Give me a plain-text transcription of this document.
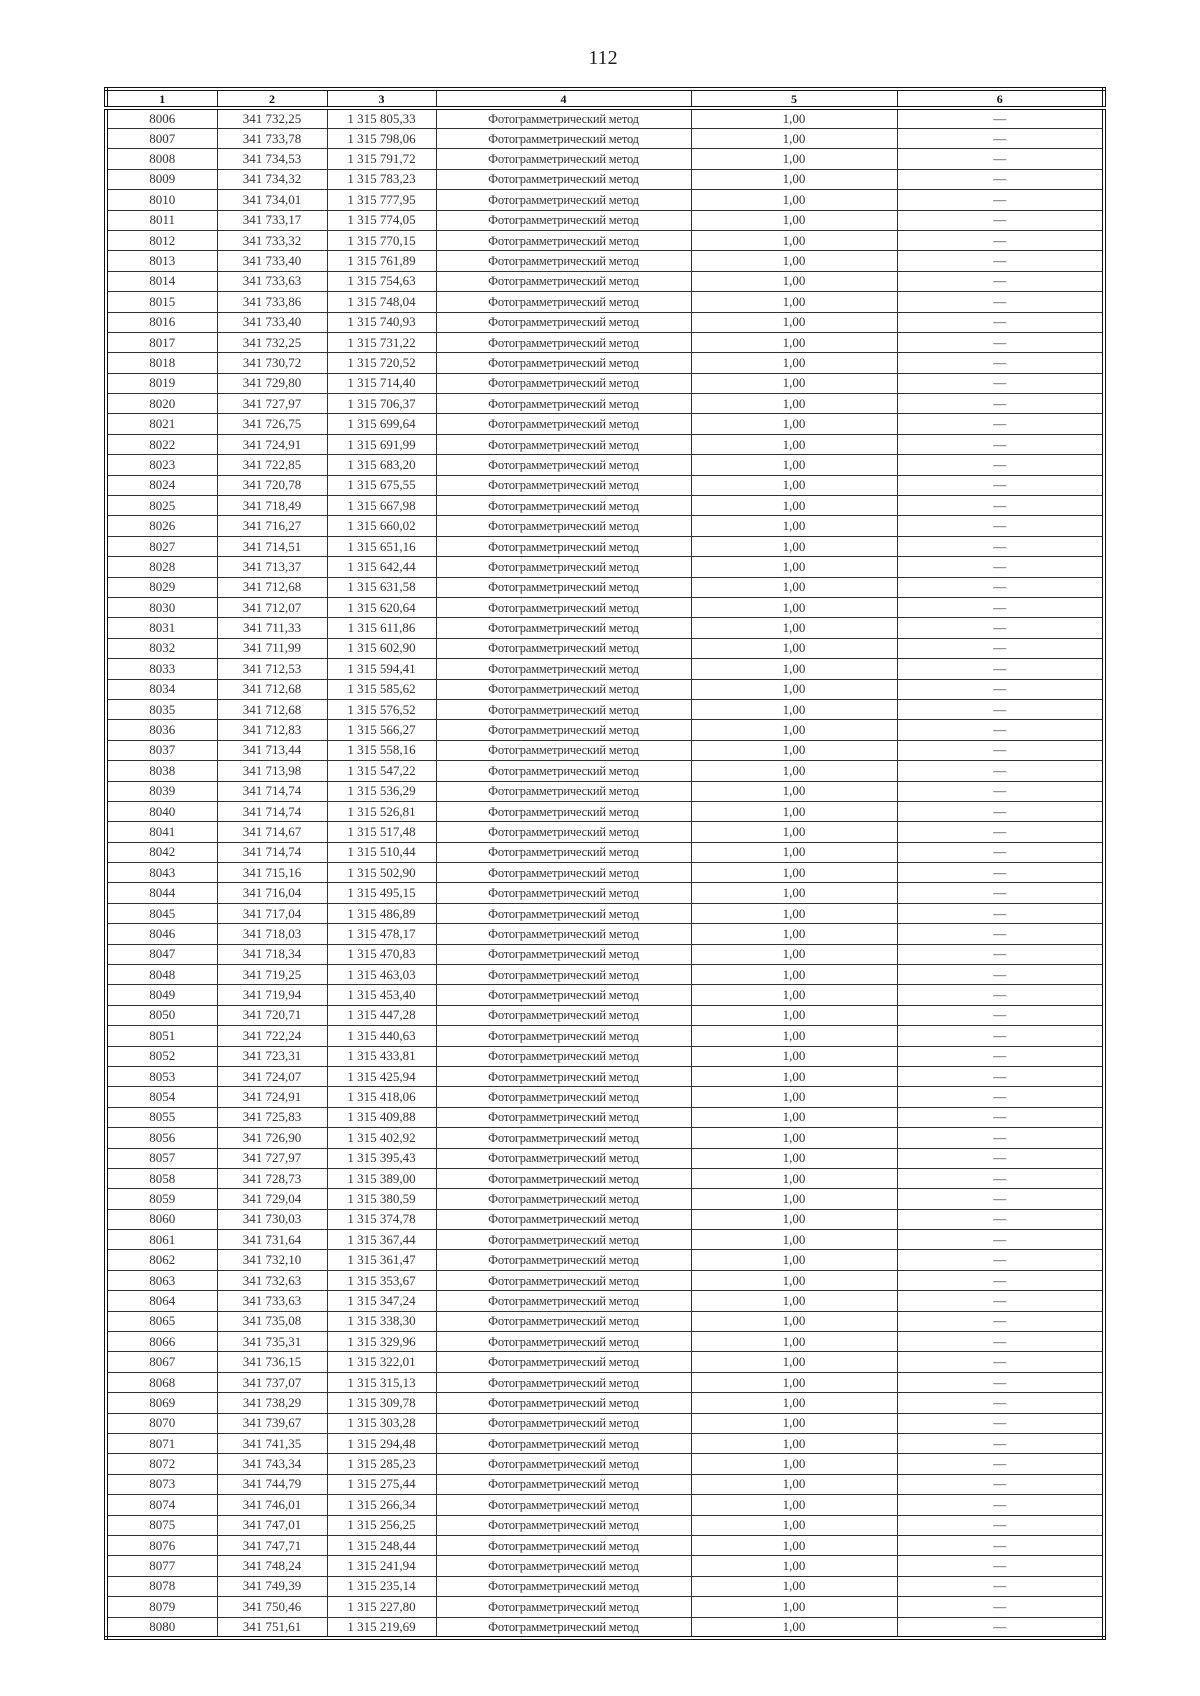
112
1	2	3	4	5	6
8006	341 732,25	1 315 805,33	Фотограмметрический метод	1,00	—
8007	341 733,78	1 315 798,06	Фотограмметрический метод	1,00	—
8008	341 734,53	1 315 791,72	Фотограмметрический метод	1,00	—
8009	341 734,32	1 315 783,23	Фотограмметрический метод	1,00	—
8010	341 734,01	1 315 777,95	Фотограмметрический метод	1,00	—
8011	341 733,17	1 315 774,05	Фотограмметрический метод	1,00	—
8012	341 733,32	1 315 770,15	Фотограмметрический метод	1,00	—
8013	341 733,40	1 315 761,89	Фотограмметрический метод	1,00	—
8014	341 733,63	1 315 754,63	Фотограмметрический метод	1,00	—
8015	341 733,86	1 315 748,04	Фотограмметрический метод	1,00	—
8016	341 733,40	1 315 740,93	Фотограмметрический метод	1,00	—
8017	341 732,25	1 315 731,22	Фотограмметрический метод	1,00	—
8018	341 730,72	1 315 720,52	Фотограмметрический метод	1,00	—
8019	341 729,80	1 315 714,40	Фотограмметрический метод	1,00	—
8020	341 727,97	1 315 706,37	Фотограмметрический метод	1,00	—
8021	341 726,75	1 315 699,64	Фотограмметрический метод	1,00	—
8022	341 724,91	1 315 691,99	Фотограмметрический метод	1,00	—
8023	341 722,85	1 315 683,20	Фотограмметрический метод	1,00	—
8024	341 720,78	1 315 675,55	Фотограмметрический метод	1,00	—
8025	341 718,49	1 315 667,98	Фотограмметрический метод	1,00	—
8026	341 716,27	1 315 660,02	Фотограмметрический метод	1,00	—
8027	341 714,51	1 315 651,16	Фотограмметрический метод	1,00	—
8028	341 713,37	1 315 642,44	Фотограмметрический метод	1,00	—
8029	341 712,68	1 315 631,58	Фотограмметрический метод	1,00	—
8030	341 712,07	1 315 620,64	Фотограмметрический метод	1,00	—
8031	341 711,33	1 315 611,86	Фотограмметрический метод	1,00	—
8032	341 711,99	1 315 602,90	Фотограмметрический метод	1,00	—
8033	341 712,53	1 315 594,41	Фотограмметрический метод	1,00	—
8034	341 712,68	1 315 585,62	Фотограмметрический метод	1,00	—
8035	341 712,68	1 315 576,52	Фотограмметрический метод	1,00	—
8036	341 712,83	1 315 566,27	Фотограмметрический метод	1,00	—
8037	341 713,44	1 315 558,16	Фотограмметрический метод	1,00	—
8038	341 713,98	1 315 547,22	Фотограмметрический метод	1,00	—
8039	341 714,74	1 315 536,29	Фотограмметрический метод	1,00	—
8040	341 714,74	1 315 526,81	Фотограмметрический метод	1,00	—
8041	341 714,67	1 315 517,48	Фотограмметрический метод	1,00	—
8042	341 714,74	1 315 510,44	Фотограмметрический метод	1,00	—
8043	341 715,16	1 315 502,90	Фотограмметрический метод	1,00	—
8044	341 716,04	1 315 495,15	Фотограмметрический метод	1,00	—
8045	341 717,04	1 315 486,89	Фотограмметрический метод	1,00	—
8046	341 718,03	1 315 478,17	Фотограмметрический метод	1,00	—
8047	341 718,34	1 315 470,83	Фотограмметрический метод	1,00	—
8048	341 719,25	1 315 463,03	Фотограмметрический метод	1,00	—
8049	341 719,94	1 315 453,40	Фотограмметрический метод	1,00	—
8050	341 720,71	1 315 447,28	Фотограмметрический метод	1,00	—
8051	341 722,24	1 315 440,63	Фотограмметрический метод	1,00	—
8052	341 723,31	1 315 433,81	Фотограмметрический метод	1,00	—
8053	341 724,07	1 315 425,94	Фотограмметрический метод	1,00	—
8054	341 724,91	1 315 418,06	Фотограмметрический метод	1,00	—
8055	341 725,83	1 315 409,88	Фотограмметрический метод	1,00	—
8056	341 726,90	1 315 402,92	Фотограмметрический метод	1,00	—
8057	341 727,97	1 315 395,43	Фотограмметрический метод	1,00	—
8058	341 728,73	1 315 389,00	Фотограмметрический метод	1,00	—
8059	341 729,04	1 315 380,59	Фотограмметрический метод	1,00	—
8060	341 730,03	1 315 374,78	Фотограмметрический метод	1,00	—
8061	341 731,64	1 315 367,44	Фотограмметрический метод	1,00	—
8062	341 732,10	1 315 361,47	Фотограмметрический метод	1,00	—
8063	341 732,63	1 315 353,67	Фотограмметрический метод	1,00	—
8064	341 733,63	1 315 347,24	Фотограмметрический метод	1,00	—
8065	341 735,08	1 315 338,30	Фотограмметрический метод	1,00	—
8066	341 735,31	1 315 329,96	Фотограмметрический метод	1,00	—
8067	341 736,15	1 315 322,01	Фотограмметрический метод	1,00	—
8068	341 737,07	1 315 315,13	Фотограмметрический метод	1,00	—
8069	341 738,29	1 315 309,78	Фотограмметрический метод	1,00	—
8070	341 739,67	1 315 303,28	Фотограмметрический метод	1,00	—
8071	341 741,35	1 315 294,48	Фотограмметрический метод	1,00	—
8072	341 743,34	1 315 285,23	Фотограмметрический метод	1,00	—
8073	341 744,79	1 315 275,44	Фотограмметрический метод	1,00	—
8074	341 746,01	1 315 266,34	Фотограмметрический метод	1,00	—
8075	341 747,01	1 315 256,25	Фотограмметрический метод	1,00	—
8076	341 747,71	1 315 248,44	Фотограмметрический метод	1,00	—
8077	341 748,24	1 315 241,94	Фотограмметрический метод	1,00	—
8078	341 749,39	1 315 235,14	Фотограмметрический метод	1,00	—
8079	341 750,46	1 315 227,80	Фотограмметрический метод	1,00	—
8080	341 751,61	1 315 219,69	Фотограмметрический метод	1,00	—
